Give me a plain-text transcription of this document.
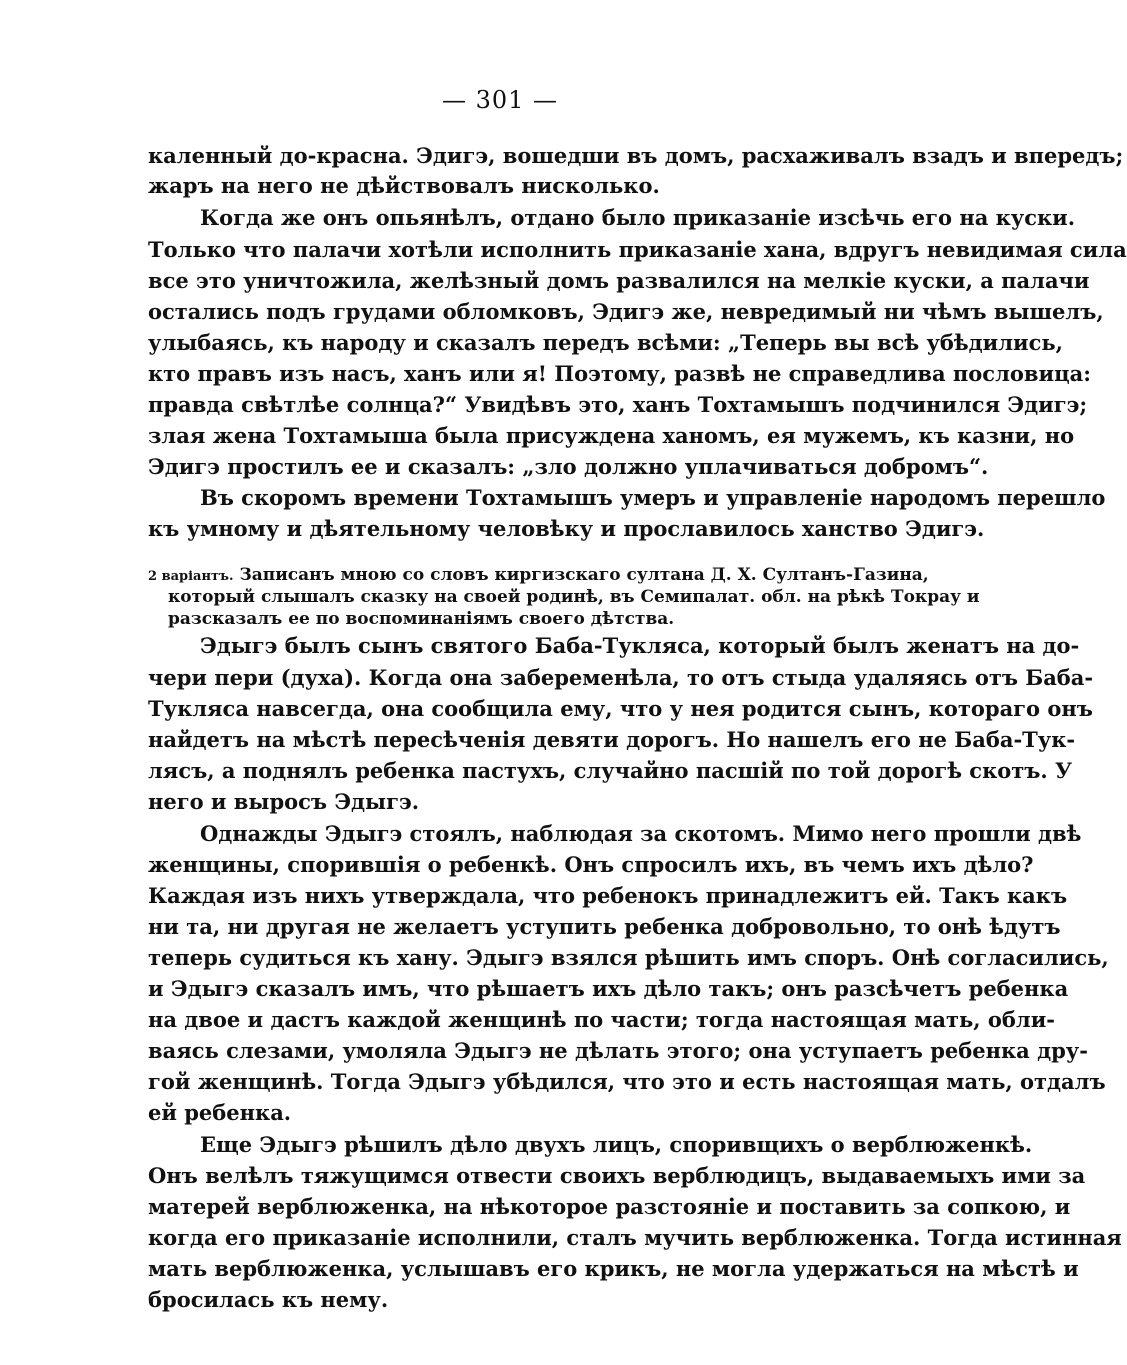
— 301 —
каленный до-красна. Эдигэ, вошедши въ домъ, расхаживалъ взадъ и впередъ;
жаръ на него не дѣйствовалъ нисколько.
Когда же онъ опьянѣлъ, отдано было приказаніе изсѣчь его на куски.
Только что палачи хотѣли исполнить приказаніе хана, вдругъ невидимая сила
все это уничтожила, желѣзный домъ развалился на мелкіе куски, а палачи
остались подъ грудами обломковъ, Эдигэ же, невредимый ни чѣмъ вышелъ,
улыбаясь, къ народу и сказалъ передъ всѣми: „Теперь вы всѣ убѣдились,
кто правъ изъ насъ, ханъ или я! Поэтому, развѣ не справедлива пословица:
правда свѣтлѣе солнца?“ Увидѣвъ это, ханъ Тохтамышъ подчинился Эдигэ;
злая жена Тохтамыша была присуждена ханомъ, ея мужемъ, къ казни, но
Эдигэ простилъ ее и сказалъ: „зло должно уплачиваться добромъ“.
Въ скоромъ времени Тохтамышъ умеръ и управленіе народомъ перешло
къ умному и дѣятельному человѣку и прославилось ханство Эдигэ.
2 варіантъ. Записанъ мною со словъ киргизскаго султана Д. Х. Султанъ-Газина,
который слышалъ сказку на своей родинѣ, въ Семипалат. обл. на рѣкѣ Токрау и
разсказалъ ее по воспоминаніямъ своего дѣтства.
Эдыгэ былъ сынъ святого Баба-Тукляса, который былъ женатъ на до-
чери пери (духа). Когда она забеременѣла, то отъ стыда удаляясь отъ Баба-
Тукляса навсегда, она сообщила ему, что у нея родится сынъ, котораго онъ
найдетъ на мѣстѣ пересѣченія девяти дорогъ. Но нашелъ его не Баба-Тук-
лясъ, а поднялъ ребенка пастухъ, случайно пасшій по той дорогѣ скотъ. У
него и выросъ Эдыгэ.
Однажды Эдыгэ стоялъ, наблюдая за скотомъ. Мимо него прошли двѣ
женщины, спорившія о ребенкѣ. Онъ спросилъ ихъ, въ чемъ ихъ дѣло?
Каждая изъ нихъ утверждала, что ребенокъ принадлежитъ ей. Такъ какъ
ни та, ни другая не желаетъ уступить ребенка добровольно, то онѣ ѣдутъ
теперь судиться къ хану. Эдыгэ взялся рѣшить имъ споръ. Онѣ согласились,
и Эдыгэ сказалъ имъ, что рѣшаетъ ихъ дѣло такъ; онъ разсѣчетъ ребенка
на двое и дастъ каждой женщинѣ по части; тогда настоящая мать, обли-
ваясь слезами, умоляла Эдыгэ не дѣлать этого; она уступаетъ ребенка дру-
гой женщинѣ. Тогда Эдыгэ убѣдился, что это и есть настоящая мать, отдалъ
ей ребенка.
Еще Эдыгэ рѣшилъ дѣло двухъ лицъ, споривщихъ о верблюженкѣ.
Онъ велѣлъ тяжущимся отвести своихъ верблюдицъ, выдаваемыхъ ими за
матерей верблюженка, на нѣкоторое разстояніе и поставить за сопкою, и
когда его приказаніе исполнили, сталъ мучить верблюженка. Тогда истинная
мать верблюженка, услышавъ его крикъ, не могла удержаться на мѣстѣ и
бросилась къ нему.
